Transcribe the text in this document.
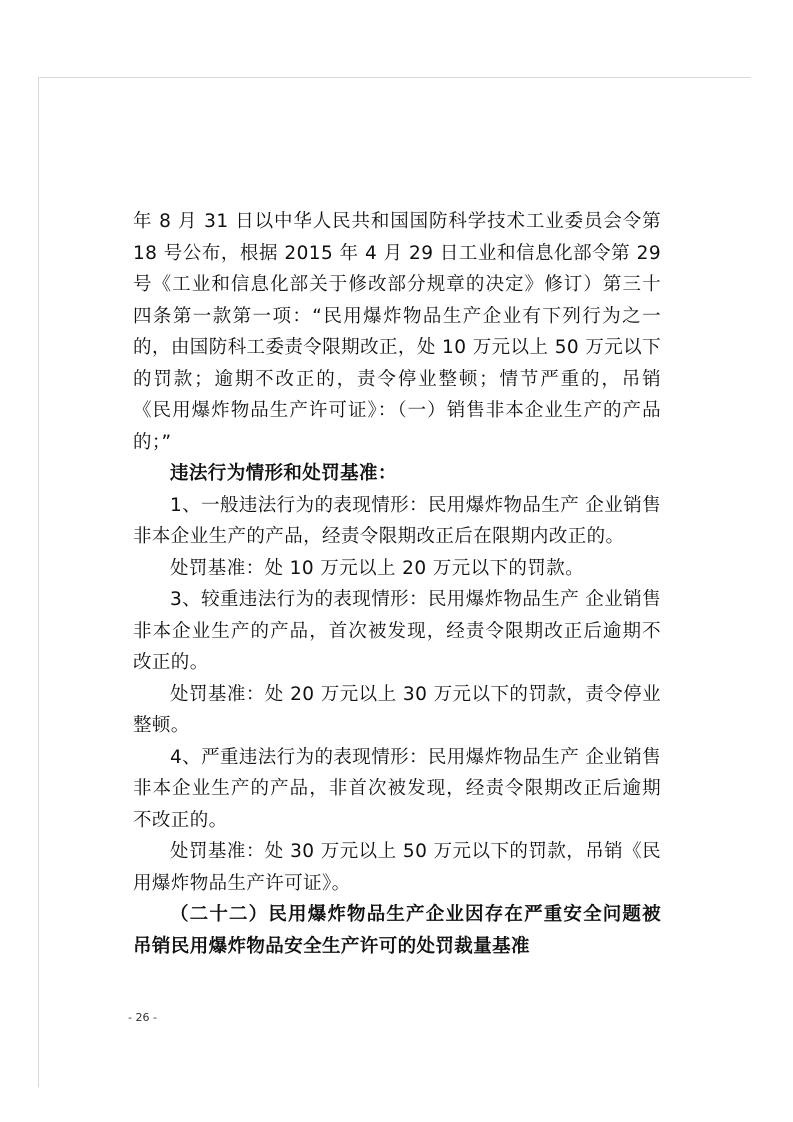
年 8 月 31 日以中华人民共和国国防科学技术工业委员会令第 18 号公布，根据 2015 年 4 月 29 日工业和信息化部令第 29 号《工业和信息化部关于修改部分规章的决定》修订）第三十四条第一款第一项：“民用爆炸物品生产企业有下列行为之一的，由国防科工委责令限期改正，处 10 万元以上 50 万元以下的罚款；逾期不改正的，责令停业整顿；情节严重的，吊销《民用爆炸物品生产许可证》：（一）销售非本企业生产的产品的；”

违法行为情形和处罚基准：

1、一般违法行为的表现情形：民用爆炸物品生产 企业销售非本企业生产的产品，经责令限期改正后在限期内改正的。

处罚基准：处 10 万元以上 20 万元以下的罚款。

3、较重违法行为的表现情形：民用爆炸物品生产 企业销售非本企业生产的产品，首次被发现，经责令限期改正后逾期不改正的。

处罚基准：处 20 万元以上 30 万元以下的罚款，责令停业整顿。

4、严重违法行为的表现情形：民用爆炸物品生产 企业销售非本企业生产的产品，非首次被发现，经责令限期改正后逾期不改正的。

处罚基准：处 30 万元以上 50 万元以下的罚款，吊销《民用爆炸物品生产许可证》。

（二十二）民用爆炸物品生产企业因存在严重安全问题被吊销民用爆炸物品安全生产许可的处罚裁量基准

- 26 -
